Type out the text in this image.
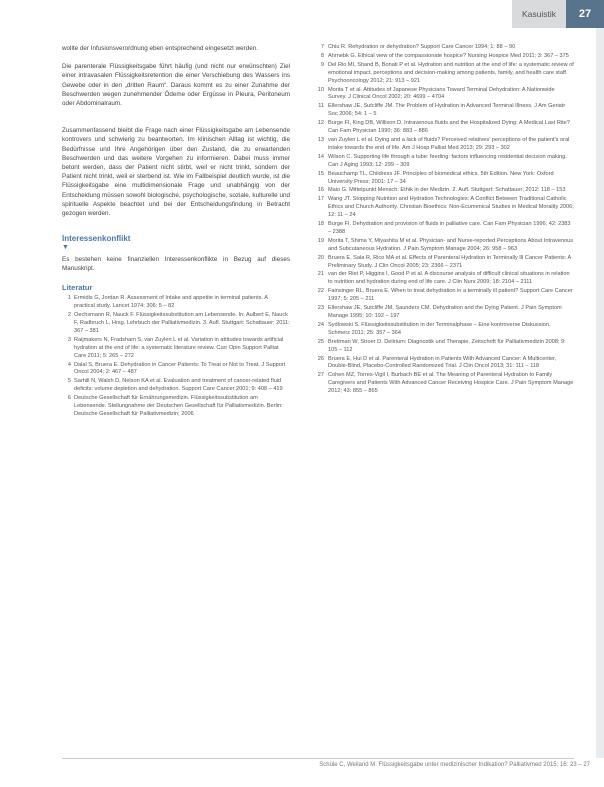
Kasuistik	27

wollte der Infusionsverordnung eben entsprechend eingesetzt werden.

Die parenterale Flüssigkeitsgabe führt häufig (und nicht nur erwünschten) Ziel einer intravasalen Flüssigkeitsretention die einer Verschiebung des Wassers ins Gewebe oder in den „dritten Raum“. Daraus kommt es zu einer Zunahme der Beschwerden wegen zunehmender Ödeme oder Ergüsse in Pleura, Peritoneum oder Abdominalraum.

Zusammenfassend bleibt die Frage nach einer Flüssigkeitsgabe am Lebensende kontrovers und schwierig zu beantworten. Im klinischen Alltag ist wichtig, die Bedürfnisse und Ihre Angehörigen über den Zustand, die zu erwartenden Beschwerden und das weitere Vorgehen zu informieren. Dabei muss immer betont werden, dass der Patient nicht stirbt, weil er nicht trinkt, sondern der Patient nicht trinkt, weil er sterbend ist. Wie im Fallbeispiel deutlich wurde, ist die Flüssigkeitsgabe eine multidimensionale Frage und unabhängig von der Entscheidung müssen sowohl biologische, psychologische, soziale, kulturelle und spirituelle Aspekte beachtet und bei der Entscheidungsfindung in Betracht gezogen werden.

Interessenkonflikt
▼

Es bestehen keine finanziellen Interessenkonflikte in Bezug auf dieses Manuskript.

Literatur
1 Ermidis G, Jordan R. Assessment of Intake and appetite in terminal patients. A practical study. Lancet 1974; 306: 5 – 82
2 Oechsmann R, Nauck F. Flüssigkeitssubstitution am Lebensende. In: Aulbert E, Nauck F, Radbruch L, Hrsg. Lehrbuch der Palliativmedizin. 3. Aufl. Stuttgart: Schattauer; 2011: 367 – 381
3 Raijmakers N, Fradsham S, van Zuylen L et al. Variation in attitudes towards artificial hydration at the end of life: a systematic literature review. Curr Opin Support Palliat Care 2011; 5: 265 – 272
4 Dalal S, Bruera E. Dehydration in Cancer Patients: To Treat or Not to Treat. J Support Oncol 2004; 2: 467 – 487
5 Sarhill N, Walsh D, Nelson KA et al. Evaluation and treatment of cancer-related fluid deficits: volume depletion and dehydration. Support Care Cancer 2001; 9: 408 – 419
6 Deutsche Gesellschaft für Ernährungsmedizin. Flüssigkeitssubstitution am Lebensende. Stellungnahme der Deutschen Gesellschaft für Palliativmedizin. Berlin: Deutsche Gesellschaft für Palliativmedizin; 2006
7 Chiu R. Rehydration or dehydration? Support Care Cancer 1994; 1: 88 – 90
8 Ahrnebk G. Ethical view of the compassionate hospice? Nursing Hospice Med 2011; 3: 367 – 375
9 Del Rio MI, Shand B, Bonati P et al. Hydration and nutrition at the end of life: a systematic review of emotional impact, perceptions and decision-making among patients, family, and health care staff. Psychooncology 2012; 21: 913 – 921
10 Morita T et al. Attitudes of Japanese Physicians Toward Terminal Dehydration: A Nationwide Survey. J Clinical Oncol 2002; 20: 4699 – 4704
11 Ellershaw JE, Sutcliffe JM. The Problem of Hydration in Advanced Terminal Illness. J Am Geriatr Soc 2006; 54: 1 – 5
12 Burge FI, King DB, Willison D. Intravenous fluids and the Hospitalized Dying: A Medical Last Rite? Can Fam Physician 1990; 36: 883 – 886
13 van Zuylen L et al. Dying and a lack of fluids? Perceived relatives' perceptions of the patient's oral intake towards the end of life. Am J Hosp Palliat Med 2013; 29: 293 – 302
14 Wilson C. Supporting life through a tube: feeding: factors influencing residential decision making. Can J Aging 1993; 12: 299 – 309
15 Beauchamp TL, Childress JF. Principles of biomedical ethics. 5th Edition. New York: Oxford University Press; 2001: 17 – 34
16 Maio G. Mittelpunkt Mensch: Ethik in der Medizin. 2. Aufl. Stuttgart: Schattauer; 2012: 118 – 153
17 Wang JT. Stopping Nutrition and Hydration Technologies: A Conflict Between Traditional Catholic Ethics and Church Authority. Christian Bioethics: Non-Ecumenical Studies in Medical Morality 2006; 12: 11 – 24
18 Burge FI. Dehydration and provision of fluids in palliative care. Can Fam Physician 1996; 42: 2383 – 2388
19 Morita T, Shima Y, Miyashita M et al. Physician- and Nurse-reported Perceptions About Intravenous and Subcutaneous Hydration. J Pain Symptom Manage 2004; 26: 958 – 963
20 Bruera E, Sala R, Rico MA et al. Effects of Parenteral Hydration in Terminally Ill Cancer Patients: A Preliminary Study. J Clin Oncol 2005; 23: 2366 – 2371
21 van der Riet P, Higgins I, Good P et al. A discourse analysis of difficult clinical situations in relation to nutrition and hydration during end of life care. J Clin Nurs 2009; 18: 2104 – 2111
22 Fainsinger RL, Bruera E. When to treat dehydration in a terminally ill patient? Support Care Cancer 1997; 5: 205 – 211
23 Ellershaw JE, Sutcliffe JM, Saunders CM. Dehydration and the Dying Patient. J Pain Symptom Manage 1995; 10: 192 – 197
24 Sydlowski S. Flüssigkeitssubstitution in der Terminalphase – Eine kontroverse Diskussion. Schmerz 2011; 25: 357 – 364
25 Brettman W, Stroer D. Delirium: Diagnostik und Therapie. Zeitschrift für Palliativmedizin 2008; 9: 105 – 112
26 Bruera E, Hui D et al. Parenteral Hydration in Patients With Advanced Cancer: A Multicenter, Double-Blind, Placebo-Controlled Randomized Trial. J Clin Oncol 2013; 31: 111 – 118
27 Cohen MZ, Torres-Vigil I, Burbach BE et al. The Meaning of Parenteral Hydration to Family Caregivers and Patients With Advanced Cancer Receiving Hospice Care. J Pain Symptom Manage 2012; 43: 855 – 865
Schüle C, Weiland M. Flüssigkeitsgabe unter medizinischer Indikation? Palliativmed 2015; 16: 23 – 27
